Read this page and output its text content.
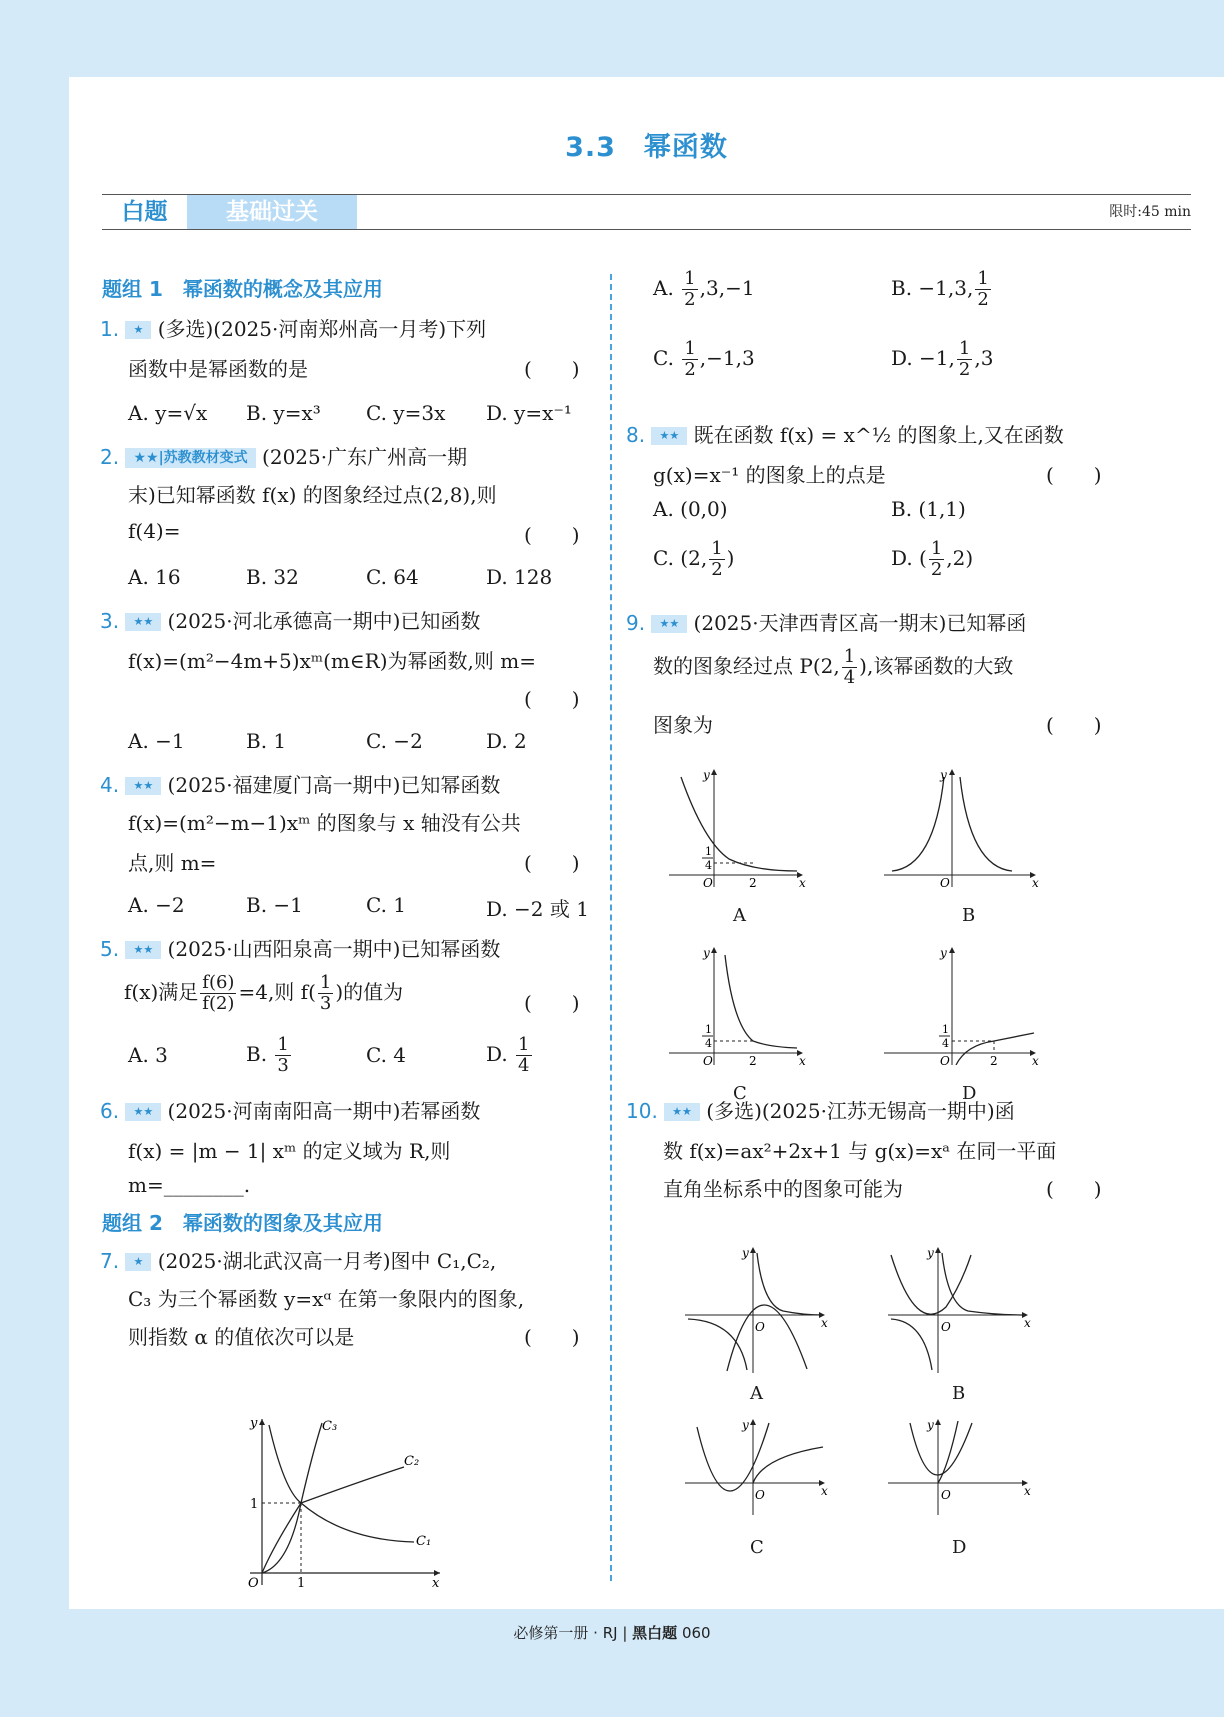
3.3　幂函数
白题	基础过关	限时:45 min
题组 1　幂函数的概念及其应用
1. ★ (多选)(2025·河南郑州高一月考)下列
函数中是幂函数的是	(　　)
A. y=√x B. y=x³ C. y=3x D. y=x⁻¹
2. ★★|苏教教材变式 (2025·广东广州高一期
末)已知幂函数 f(x) 的图象经过点(2,8),则
f(4)=	(　　)
A. 16	B. 32	C. 64	D. 128
3. ★★ (2025·河北承德高一期中)已知函数
f(x)=(m²−4m+5)xᵐ(m∈R)为幂函数,则 m=
(　　)
A. −1	B. 1	C. −2	D. 2
4. ★★ (2025·福建厦门高一期中)已知幂函数
f(x)=(m²−m−1)xᵐ 的图象与 x 轴没有公共
点,则 m=	(　　)
A. −2	B. −1	C. 1	D. −2 或 1
5. ★★ (2025·山西阳泉高一期中)已知幂函数
f(x)满足 $\frac{f(6)}{f(2)} =4$,则 $f( \frac{1}{3}$ )的值为	(　　)
A. 3	B. $\frac{1}{3}$	C. 4	D. $\frac{1}{4}$
6. ★★ (2025·河南南阳高一期中)若幂函数
f(x) = |m − 1| xᵐ 的定义域为 R,则
m=________.
题组 2　幂函数的图象及其应用
7. ★ (2025·湖北武汉高一月考)图中 C₁,C₂,
C₃ 为三个幂函数 y=xᵅ 在第一象限内的图象,
则指数 α 的值依次可以是	(　　)
y
x
O
1
1
C₁
C₂
C₃
A. $\frac{1}{2} ,3,-1$	B. −1,3, $\frac{1}{2}$
C. $\frac{1}{2} ,-1,3$	D. −1, $\frac{1}{2} ,3$
8. ★★ 既在函数 f(x) = x^½ 的图象上,又在函数
g(x)=x⁻¹ 的图象上的点是	(　　)
A. (0,0)	B. (1,1)
C. (2, $\frac{1}{2}$ )	D. ( $\frac{1}{2} ,2$)
9. ★★ (2025·天津西青区高一期末)已知幂函
数的图象经过点 P(2, $\frac{1}{4}$ ),该幂函数的大致
图象为	(　　)
y
x
O	2
1
4
A
y
x
O
B
y
x
O	2
1
4
C
y
x
O	2
1
4
D
10. ★★ (多选)(2025·江苏无锡高一期中)函
数 f(x)=ax²+2x+1 与 g(x)=xᵃ 在同一平面
直角坐标系中的图象可能为	(　　)
y
x
O
A
y
x
O
B
y
x
O
C
y
x
O
D
必修第一册 · RJ | 黑白题 060
